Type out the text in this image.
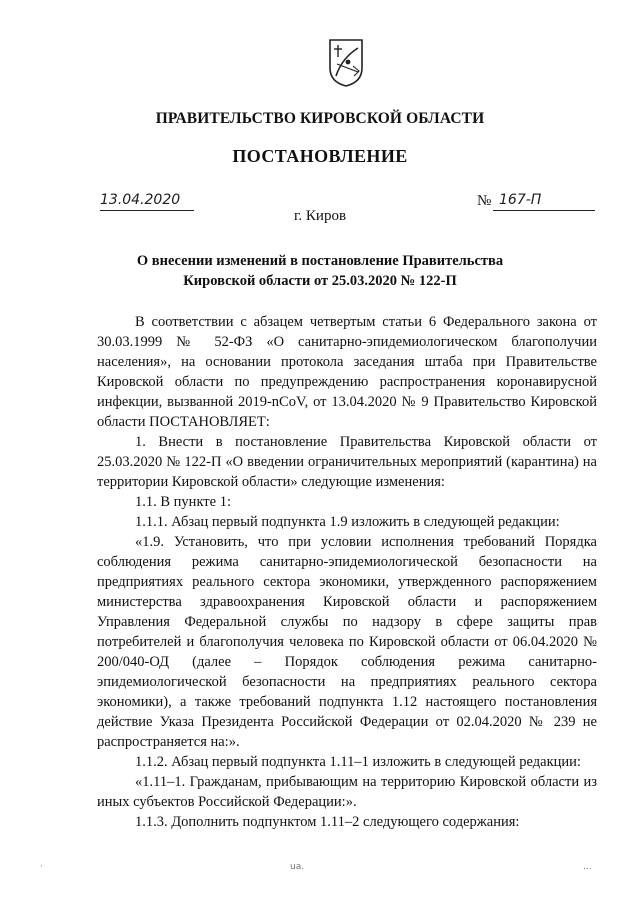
ПРАВИТЕЛЬСТВО КИРОВСКОЙ ОБЛАСТИ
ПОСТАНОВЛЕНИЕ
13.04.2020	№ 167-П
г. Киров
О внесении изменений в постановление Правительства
Кировской области от 25.03.2020 № 122-П

В соответствии с абзацем четвертым статьи 6 Федерального закона от 30.03.1999 № 52-ФЗ «О санитарно-эпидемиологическом благополучии населения», на основании протокола заседания штаба при Правительстве Кировской области по предупреждению распространения коронавирусной инфекции, вызванной 2019-nCoV, от 13.04.2020 № 9 Правительство Кировской области ПОСТАНОВЛЯЕТ:

1. Внести в постановление Правительства Кировской области от 25.03.2020 № 122-П «О введении ограничительных мероприятий (карантина) на территории Кировской области» следующие изменения:

1.1. В пункте 1:

1.1.1. Абзац первый подпункта 1.9 изложить в следующей редакции:

«1.9. Установить, что при условии исполнения требований Порядка соблюдения режима санитарно-эпидемиологической безопасности на предприятиях реального сектора экономики, утвержденного распоряжением министерства здравоохранения Кировской области и распоряжением Управления Федеральной службы по надзору в сфере защиты прав потребителей и благополучия человека по Кировской области от 06.04.2020 № 200/040-ОД (далее – Порядок соблюдения режима санитарно-эпидемиологической безопасности на предприятиях реального сектора экономики), а также требований подпункта 1.12 настоящего постановления действие Указа Президента Российской Федерации от 02.04.2020 № 239 не распространяется на:».

1.1.2. Абзац первый подпункта 1.11–1 изложить в следующей редакции:

«1.11–1. Гражданам, прибывающим на территорию Кировской области из иных субъектов Российской Федерации:».

1.1.3. Дополнить подпунктом 1.11–2 следующего содержания:

·	ua.	...
